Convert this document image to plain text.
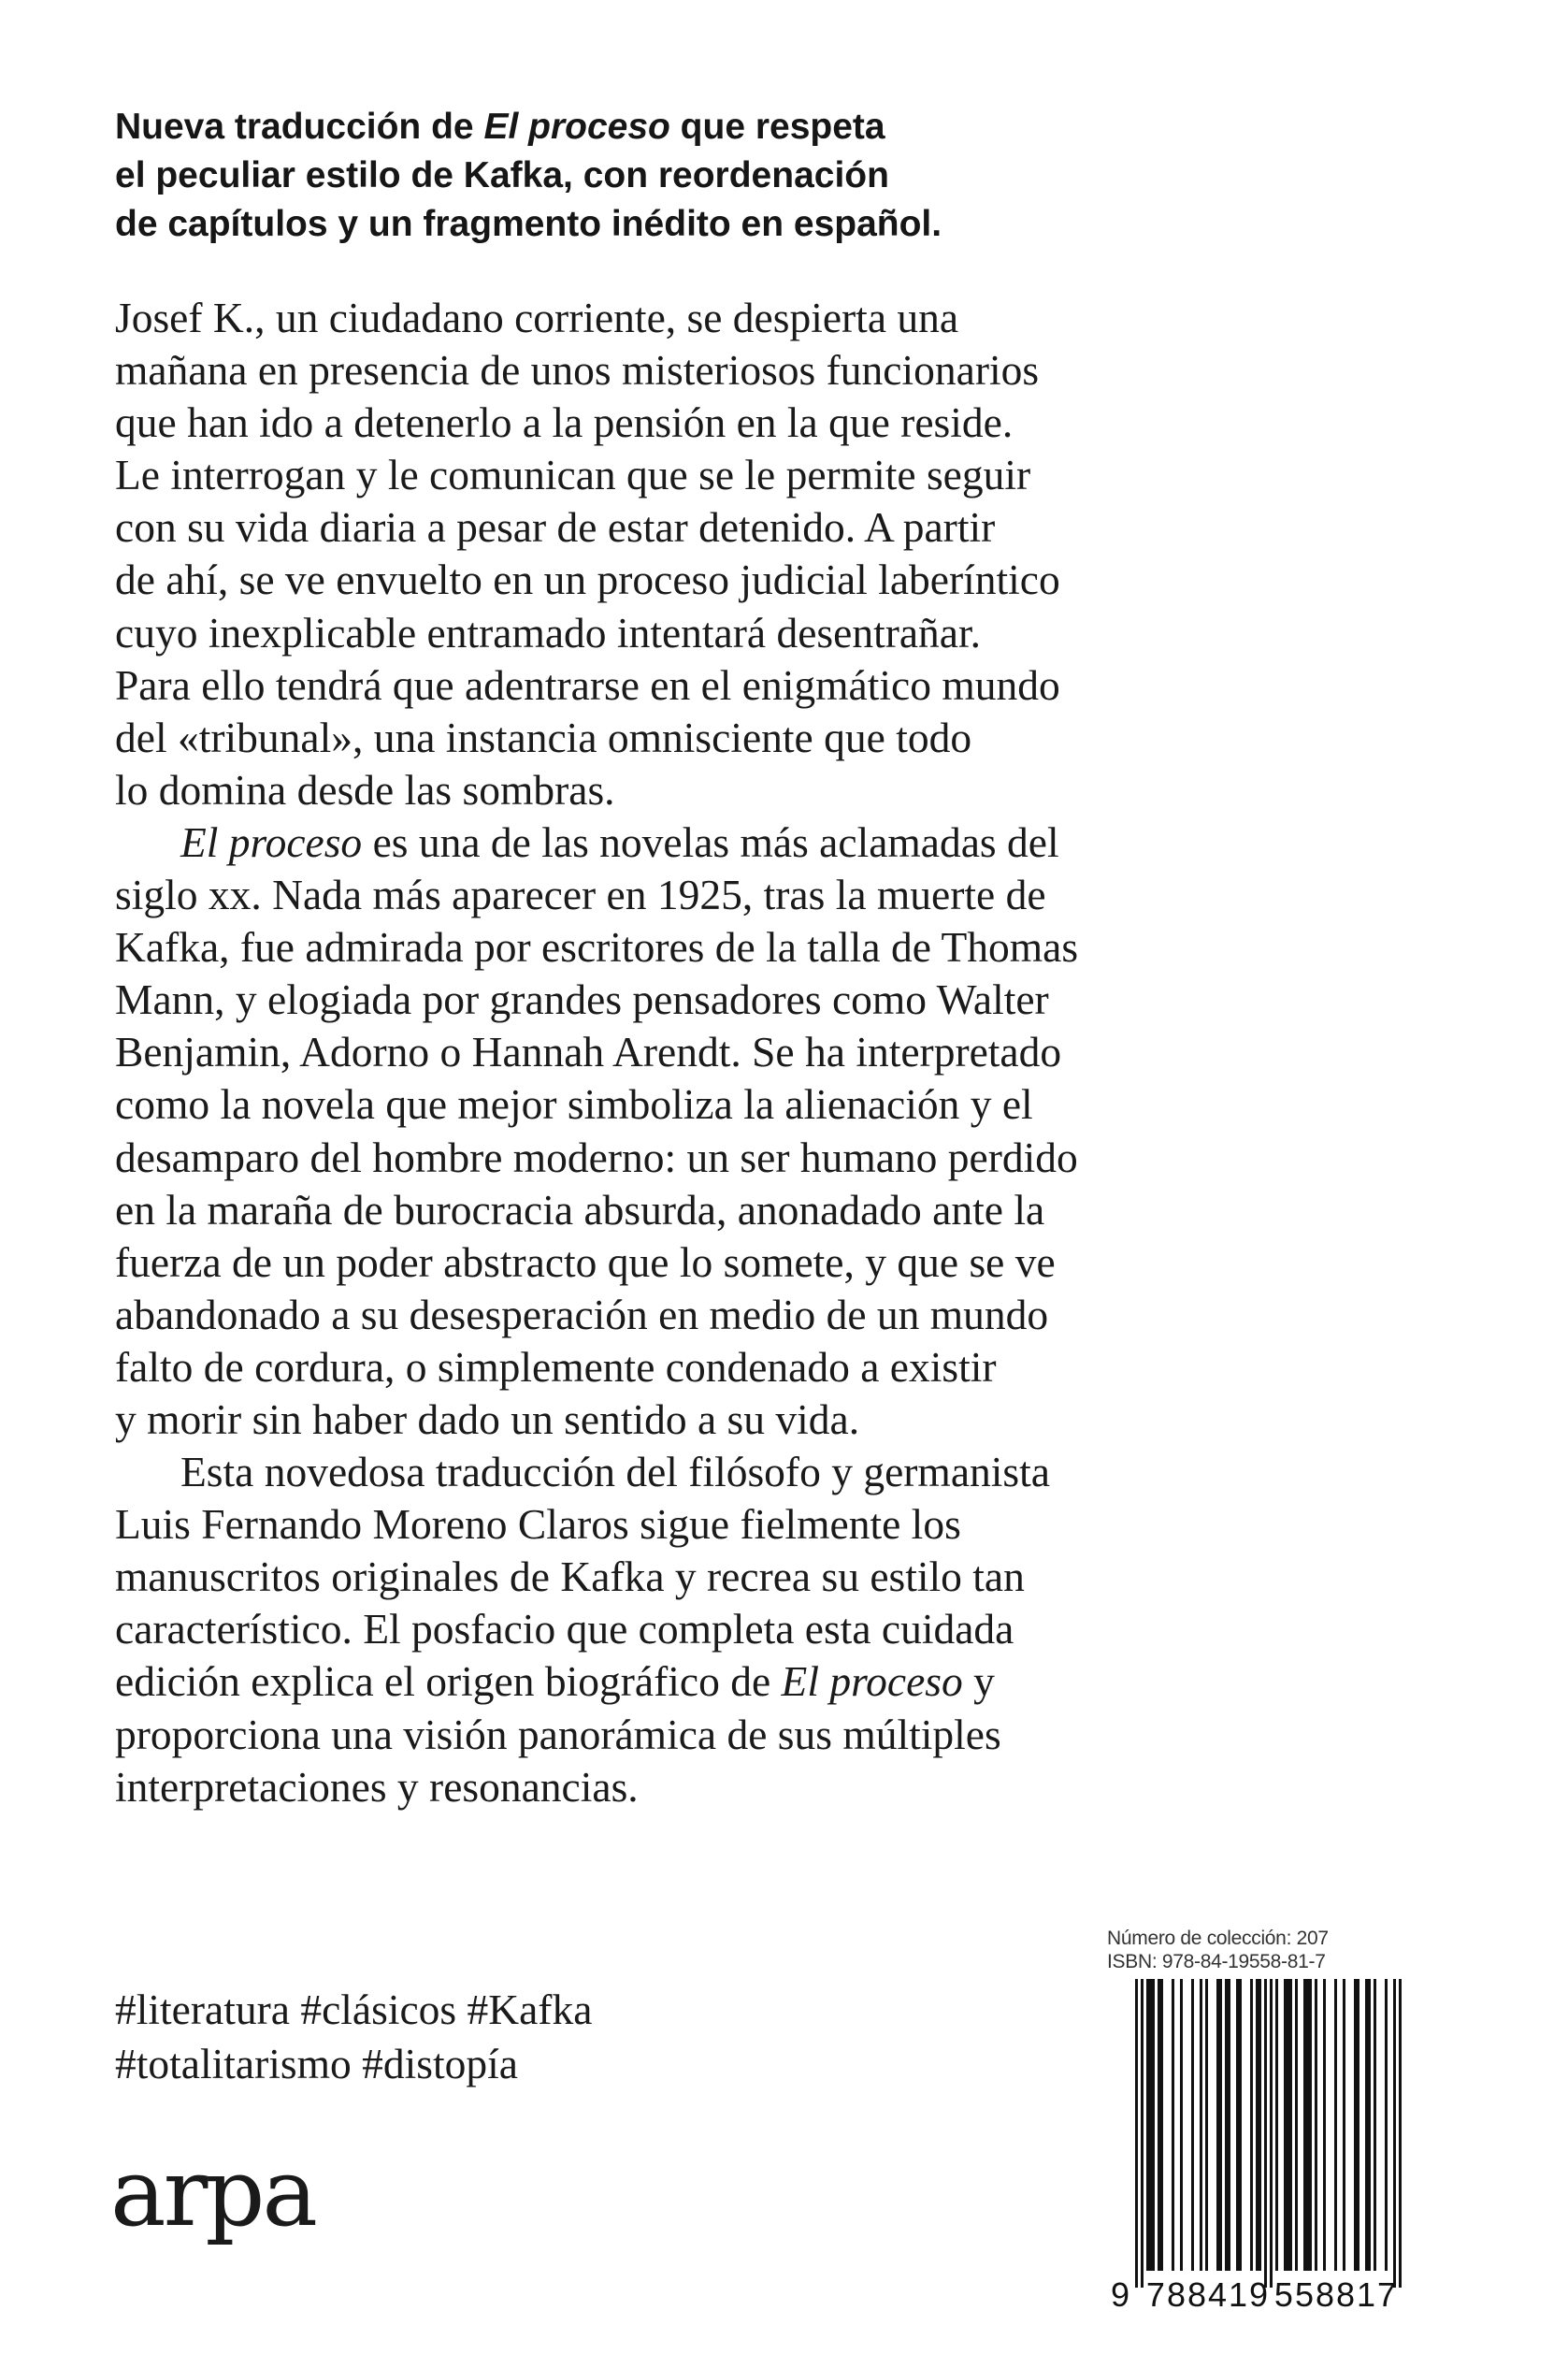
Nueva traducción de El proceso que respeta
el peculiar estilo de Kafka, con reordenación
de capítulos y un fragmento inédito en español.
Josef K., un ciudadano corriente, se despierta una
mañana en presencia de unos misteriosos funcionarios
que han ido a detenerlo a la pensión en la que reside.
Le interrogan y le comunican que se le permite seguir
con su vida diaria a pesar de estar detenido. A partir
de ahí, se ve envuelto en un proceso judicial laberíntico
cuyo inexplicable entramado intentará desentrañar.
Para ello tendrá que adentrarse en el enigmático mundo
del «tribunal», una instancia omnisciente que todo
lo domina desde las sombras.
El proceso es una de las novelas más aclamadas del
siglo xx. Nada más aparecer en 1925, tras la muerte de
Kafka, fue admirada por escritores de la talla de Thomas
Mann, y elogiada por grandes pensadores como Walter
Benjamin, Adorno o Hannah Arendt. Se ha interpretado
como la novela que mejor simboliza la alienación y el
desamparo del hombre moderno: un ser humano perdido
en la maraña de burocracia absurda, anonadado ante la
fuerza de un poder abstracto que lo somete, y que se ve
abandonado a su desesperación en medio de un mundo
falto de cordura, o simplemente condenado a existir
y morir sin haber dado un sentido a su vida.
Esta novedosa traducción del filósofo y germanista
Luis Fernando Moreno Claros sigue fielmente los
manuscritos originales de Kafka y recrea su estilo tan
característico. El posfacio que completa esta cuidada
edición explica el origen biográfico de El proceso y
proporciona una visión panorámica de sus múltiples
interpretaciones y resonancias.
#literatura #clásicos #Kafka
#totalitarismo #distopía
arpa
Número de colección: 207
ISBN: 978-84-19558-81-7
9 788419 558817
